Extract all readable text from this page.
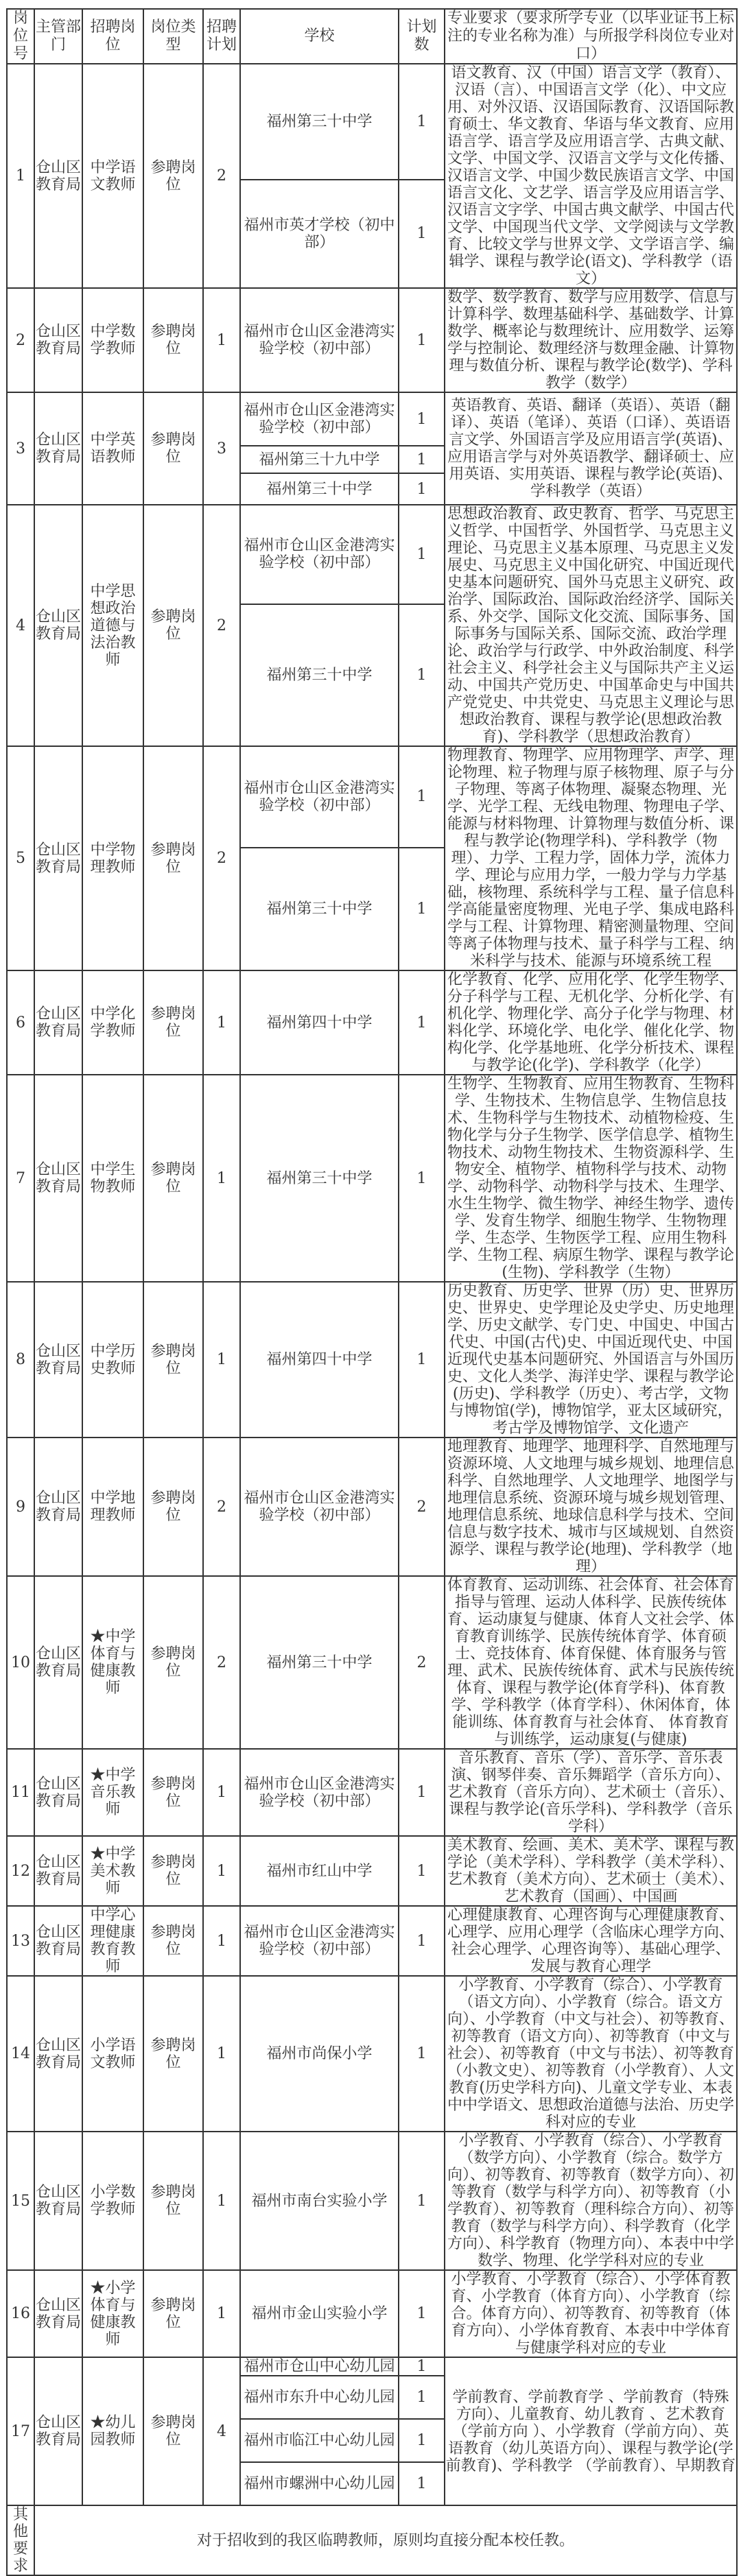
岗位号	主管部门	招聘岗位	岗位类型	招聘计划	学校	计划数	专业要求（要求所学专业（以毕业证书上标注的专业名称为准）与所报学科岗位专业对口）
1	仓山区教育局	中学语文教师	参聘岗位	2	福州第三十中学	1	语文教育、汉（中国）语言文学（教育）、汉语（言）、中国语言文学（化）、中文应用、对外汉语、汉语国际教育、汉语国际教育硕士、华文教育、华语与华文教育、应用语言学、语言学及应用语言学、古典文献、文学、中国文学、汉语言文学与文化传播、汉语言文学、中国少数民族语言文学、中国语言文化、文艺学、语言学及应用语言学、汉语言文字学、中国古典文献学、中国古代文学、中国现当代文学、文学阅读与文学教育、比较文学与世界文学、文学语言学、编辑学、课程与教学论(语文)、学科教学（语文）
					福州市英才学校（初中部）	1	
2	仓山区教育局	中学数学教师	参聘岗位	1	福州市仓山区金港湾实验学校（初中部）	1	数学、数学教育、数学与应用数学、信息与计算科学、数理基础科学、基础数学、计算数学、概率论与数理统计、应用数学、运筹学与控制论、数理经济与数理金融、计算物理与数值分析、课程与教学论(数学)、学科教学（数学）
3	仓山区教育局	中学英语教师	参聘岗位	3	福州市仓山区金港湾实验学校（初中部）	1	英语教育、英语、翻译（英语）、英语（翻译）、英语（笔译）、英语（口译）、英语语言文学、外国语言学及应用语言学(英语)、应用语言学与对外英语教学、翻译硕士、应用英语、实用英语、课程与教学论(英语)、学科教学（英语）
					福州第三十九中学	1	
					福州第三十中学	1	
4	仓山区教育局	中学思想政治道德与法治教师	参聘岗位	2	福州市仓山区金港湾实验学校（初中部）	1	思想政治教育、政史教育、哲学、马克思主义哲学、中国哲学、外国哲学、马克思主义理论、马克思主义基本原理、马克思主义发展史、马克思主义中国化研究、中国近现代史基本问题研究、国外马克思主义研究、政治学、国际政治、国际政治经济学、国际关系、外交学、国际文化交流、国际事务、国际事务与国际关系、国际交流、政治学理论、政治学与行政学、中外政治制度、科学社会主义、科学社会主义与国际共产主义运动、中国共产党历史、中国革命史与中国共产党党史、中共党史、马克思主义理论与思想政治教育、课程与教学论(思想政治教育)、学科教学（思想政治教育）
					福州第三十中学	1	
5	仓山区教育局	中学物理教师	参聘岗位	2	福州市仓山区金港湾实验学校（初中部）	1	物理教育、物理学、应用物理学、声学、理论物理、粒子物理与原子核物理、原子与分子物理、等离子体物理、凝聚态物理、光学、光学工程、无线电物理、物理电子学、能源与材料物理、计算物理与数值分析、课程与教学论(物理学科)、学科教学（物理）、力学、工程力学，固体力学，流体力学、理论与应用力学，一般力学与力学基础，核物理、系统科学与工程、量子信息科学高能量密度物理、光电子学、集成电路科学与工程、计算物理、精密测量物理、空间等离子体物理与技术、量子科学与工程、纳米科学与技术、能源与环境系统工程
					福州第三十中学	1	
6	仓山区教育局	中学化学教师	参聘岗位	1	福州第四十中学	1	化学教育、化学、应用化学、化学生物学、分子科学与工程、无机化学、分析化学、有机化学、物理化学、高分子化学与物理、材料化学、环境化学、电化学、催化化学、物构化学、化学基地班、化学分析技术、课程与教学论(化学)、学科教学（化学）
7	仓山区教育局	中学生物教师	参聘岗位	1	福州第三十中学	1	生物学、生物教育、应用生物教育、生物科学、生物技术、生物信息学、生物信息技术、生物科学与生物技术、动植物检疫、生物化学与分子生物学、医学信息学、植物生物技术、动物生物技术、生物资源科学、生物安全、植物学、植物科学与技术、动物学、动物科学、动物科学与技术、生理学、水生生物学、微生物学、神经生物学、遗传学、发育生物学、细胞生物学、生物物理学、生态学、生物医学工程、应用生物科学、生物工程、病原生物学、课程与教学论(生物)、学科教学（生物）
8	仓山区教育局	中学历史教师	参聘岗位	1	福州第四十中学	1	历史教育、历史学、世界（历）史、世界历史、世界史、史学理论及史学史、历史地理学、历史文献学、专门史、中国史、中国古代史、中国(古代)史、中国近现代史、中国近现代史基本问题研究、外国语言与外国历史、文化人类学、海洋史学、课程与教学论(历史)、学科教学（历史）、考古学，文物与博物馆(学)，博物馆学，亚太区域研究，考古学及博物馆学、文化遗产
9	仓山区教育局	中学地理教师	参聘岗位	2	福州市仓山区金港湾实验学校（初中部）	2	地理教育、地理学、地理科学、自然地理与资源环境、人文地理与城乡规划、地理信息科学、自然地理学、人文地理学、地图学与地理信息系统、资源环境与城乡规划管理、地理信息系统、地球信息科学与技术、空间信息与数字技术、城市与区域规划、自然资源学、课程与教学论(地理)、学科教学（地理）
10	仓山区教育局	★中学体育与健康教师	参聘岗位	2	福州第三十中学	2	体育教育、运动训练、社会体育、社会体育指导与管理、运动人体科学、民族传统体育、运动康复与健康、体育人文社会学、体育教育训练学、民族传统体育学、体育硕士、竞技体育、体育保健、体育服务与管理、武术、民族传统体育、武术与民族传统体育、课程与教学论(体育学科)、体育教学、学科教学（体育学科）、休闲体育，体能训练、体育教育与社会体育、 体育教育与训练学，运动康复(与健康)
11	仓山区教育局	★中学音乐教师	参聘岗位	1	福州市仓山区金港湾实验学校（初中部）	1	音乐教育、音乐（学）、音乐学、音乐表演、钢琴伴奏、音乐舞蹈学（音乐方向）、艺术教育（音乐方向）、艺术硕士（音乐）、课程与教学论(音乐学科)、学科教学（音乐学科）
12	仓山区教育局	★中学美术教师	参聘岗位	1	福州市红山中学	1	美术教育、绘画、美术、美术学、课程与教学论（美术学科）、学科教学（美术学科）、艺术教育（美术方向）、艺术硕士（美术）、艺术教育（国画）、中国画
13	仓山区教育局	中学心理健康教育教师	参聘岗位	1	福州市仓山区金港湾实验学校（初中部）	1	心理健康教育、心理咨询与心理健康教育、心理学、应用心理学（含临床心理学方向、社会心理学、心理咨询等）、基础心理学、发展与教育心理学
14	仓山区教育局	小学语文教师	参聘岗位	1	福州市尚保小学	1	小学教育、小学教育（综合）、小学教育（语文方向）、小学教育（综合。语文方向）、小学教育（中文与社会）、初等教育、初等教育（语文方向）、初等教育（中文与社会）、初等教育（中文与书法）、初等教育（小教文史）、初等教育（小学教育）、人文教育(历史学科方向)、儿童文学专业、本表中中学语文、思想政治道德与法治、历史学科对应的专业
15	仓山区教育局	小学数学教师	参聘岗位	1	福州市南台实验小学	1	小学教育、小学教育（综合）、小学教育（数学方向）、小学教育（综合。数学方向）、初等教育、初等教育（数学方向）、初等教育（数学与科学方向）、初等教育（小学教育）、初等教育（理科综合方向）、初等教育（数学与科学方向）、科学教育（化学方向）、科学教育（物理方向）、本表中中学数学、物理、化学学科对应的专业
16	仓山区教育局	★小学体育与健康教师	参聘岗位	1	福州市金山实验小学	1	小学教育、小学教育（综合）、小学体育教育、小学教育（体育方向）、小学教育（综合。体育方向）、初等教育、初等教育（体育方向）、小学体育教育、本表中中学体育与健康学科对应的专业
17	仓山区教育局	★幼儿园教师	参聘岗位	4	福州市仓山中心幼儿园	1	学前教育、学前教育学 、学前教育（特殊方向）、儿童教育、幼儿教育 、艺术教育（学前方向 ）、小学教育（学前方向）、英语教育（幼儿英语方向）、课程与教学论(学前教育)、学科教学 （学前教育）、早期教育
					福州市东升中心幼儿园	1	
					福州市临江中心幼儿园	1	
					福州市螺洲中心幼儿园	1	
其他要求	对于招收到的我区临聘教师，原则均直接分配本校任教。						
